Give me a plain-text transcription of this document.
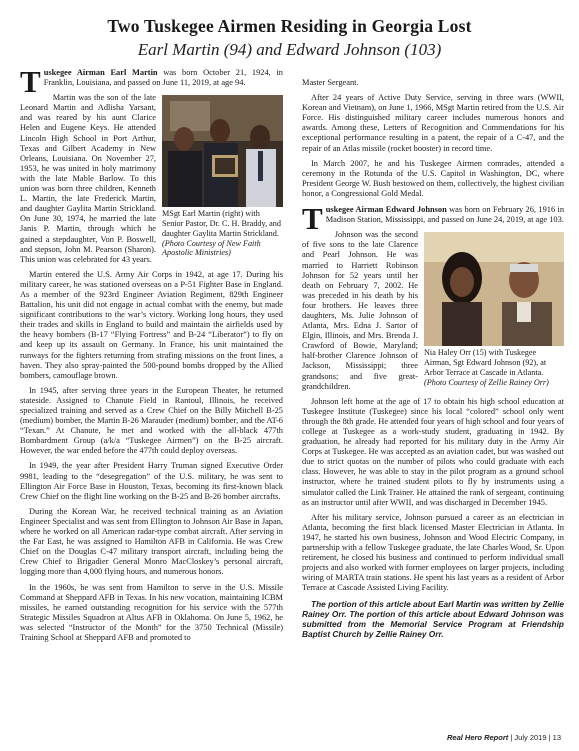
Two Tuskegee Airmen Residing in Georgia Lost
Earl Martin (94) and Edward Johnson (103)

Tuskegee Airman Earl Martin was born October 21, 1924, in Franklin, Louisiana, and passed on June 11, 2019, at age 94.

MSgt Earl Martin (right) with Senior Pastor, Dr. C. H. Braddy, and daughter Gaylita Martin Strickland. (Photo Courtesy of New Faith Apostolic Ministries)

Martin was the son of the late Leonard Martin and Adlisha Yarsant, and was reared by his aunt Clarice Helen and Eugene Keys. He attended Lincoln High School in Port Arthur, Texas and Gilbert Academy in New Orleans, Louisiana. On November 27, 1953, he was united in holy matrimony with the late Mable Barlow. To this union was born three children, Kenneth L. Martin, the late Frederick Martin, and daughter Gaylita Martin Strickland. On June 30, 1974, he married the late Janis P. Martin, through which he gained a stepdaughter, Von P. Boswell, and stepson, John M. Pearson (Sharon). This union was celebrated for 43 years.

Martin entered the U.S. Army Air Corps in 1942, at age 17. During his military career, he was stationed overseas on a P-51 Fighter Base in England. As a member of the 923rd Engineer Aviation Regiment, 829th Engineer Battalion, his unit did not engage in actual combat with the enemy, but made significant contributions to the war’s victory. Working long hours, they used their trades and skills in England to build and maintain the airfields used by the heavy bombers (B-17 “Flying Fortress” and B-24 “Liberator”) to fly on and keep up its assault on Germany. In France, his unit maintained the runways for the fighters returning from strafing missions on the front lines, a haven. They also spray-painted the 500-pound bombs dropped by the Allied bombers, camouflage brown.

In 1945, after serving three years in the European Theater, he returned stateside. Assigned to Chanute Field in Rantoul, Illinois, he received specialized training and served as a Crew Chief on the Billy Mitchell B-25 (medium) bomber, the Martin B-26 Marauder (medium) bomber, and the AT-6 “Texan.” At Chanute, he met and worked with the all-black 477th Bombardment Group (a/k/a “Tuskegee Airmen”) on the B-25 aircraft. However, the war ended before the 477th could deploy overseas.

In 1949, the year after President Harry Truman signed Executive Order 9981, leading to the “desegregation” of the U.S. military, he was sent to Ellington Air Force Base in Houston, Texas, becoming its first-known black Crew Chief on the flight line working on the B-25 and B-26 bomber aircrafts.

During the Korean War, he received technical training as an Aviation Engineer Specialist and was sent from Ellington to Johnson Air Base in Japan, where he worked on all American radar-type combat aircraft. After serving in the Far East, he was assigned to Hamilton AFB in California. He was Crew Chief on the Douglas C-47 military transport aircraft, including being the Crew Chief to Brigadier General Monro MacCloskey’s personal aircraft, logging more than 4,000 flying hours, and numerous honors.

In the 1960s, he was sent from Hamilton to serve in the U.S. Missile Command at Sheppard AFB in Texas. In his new vocation, maintaining ICBM missiles, he earned outstanding recognition for his service with the 577th Strategic Missiles Squadron at Altus AFB in Oklahoma. On June 5, 1962, he was selected “Instructor of the Month” for the 3750 Technical (Missile) Training School at Sheppard AFB and promoted to

Master Sergeant.

After 24 years of Active Duty Service, serving in three wars (WWII, Korean and Vietnam), on June 1, 1966, MSgt Martin retired from the U.S. Air Force. His distinguished military career includes numerous honors and awards. Among these, Letters of Recognition and Commendations for his exceptional performance resulting in a patent, the repair of a C-47, and the repair of an Atlas missile (rocket booster) in record time.

In March 2007, he and his Tuskegee Airmen comrades, attended a ceremony in the Rotunda of the U.S. Capitol in Washington, DC, where President George W. Bush bestowed on them, collectively, the highest civilian honor, a Congressional Gold Medal.

Tuskegee Airman Edward Johnson was born on February 26, 1916 in Madison Station, Mississippi, and passed on June 24, 2019, at age 103.

Nia Haley Orr (15) with Tuskegee Airman, Sgt Edward Johnson (92), at Arbor Terrace at Cascade in Atlanta. (Photo Courtesy of Zellie Rainey Orr)

Johnson was the second of five sons to the late Clarence and Pearl Johnson. He was married to Harriett Robinson Johnson for 52 years until her death on February 7, 2002. He was preceded in his death by his four brothers. He leaves three daughters, Ms. Julie Johnson of Atlanta, Mrs. Edna J. Sartor of Elgin, Illinois, and Mrs. Brenda J. Crawford of Bowie, Maryland; half-brother Clarence Johnson of Jackson, Mississippi; three grandsons; and five great-grandchildren.

Johnson left home at the age of 17 to obtain his high school education at Tuskegee Institute (Tuskegee) since his local “colored” school only went through the 8th grade. He attended four years of high school and four years of college at Tuskegee as a work-study student, graduating in 1942. By graduation, he already had reported for his military duty in the Army Air Corps at Tuskegee. He was accepted as an aviation cadet, but was washed out due to strict quotas on the number of pilots who could graduate with each class. However, he was able to stay in the pilot program as a ground school instructor, where he trained student pilots to fly by instruments using a simulator called the Link Trainer. He attained the rank of sergeant, continuing as an instructor until after WWII, and was discharged in December 1945.

After his military service, Johnson pursued a career as an electrician in Atlanta, becoming the first black licensed Master Electrician in Atlanta. In 1947, he started his own business, Johnson and Wood Electric Company, in partnership with a fellow Tuskegee graduate, the late Charles Wood, Sr. Upon retirement, he closed his business and continued to perform individual small projects and also worked with former employees on larger projects, including wiring of MARTA train stations. He spent his last years as a resident of Arbor Terrace at Cascade Assisted Living Facility.

The portion of this article about Earl Martin was written by Zellie Rainey Orr. The portion of this article about Edward Johnson was submitted from the Memorial Service Program at Friendship Baptist Church by Zellie Rainey Orr.

Real Hero Report | July 2019 | 13
